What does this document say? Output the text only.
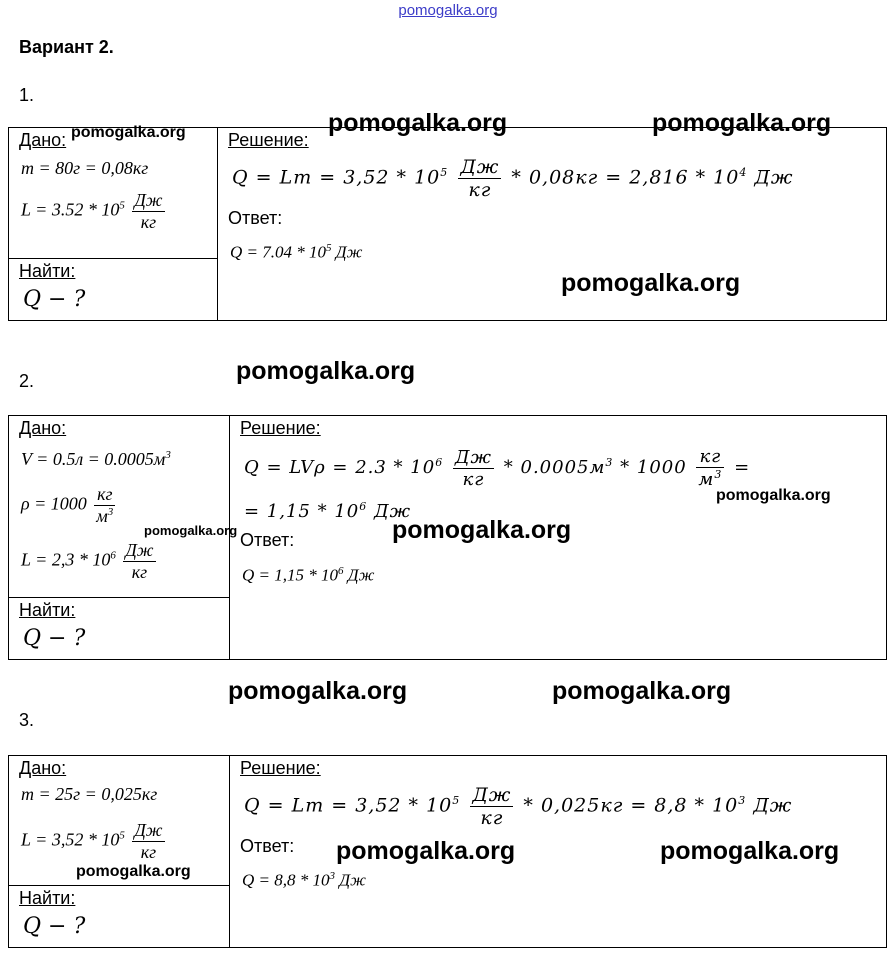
pomogalka.org
Вариант 2.
1.
Дано:
m = 80г = 0,08кг
$L = 3.52 * 10^5 \frac{Дж}{кг}$
Найти:
Q − ?
Решение:
$Q = Lm = 3,52 * 10^5 \frac{Дж}{кг} * 0,08кг = 2,816 * 10^4$ Дж
Ответ:
$Q = 7.04 * 10^5$ Дж
pomogalka.org	pomogalka.org	pomogalka.org
pomogalka.org
2.	pomogalka.org
Дано:
$V = 0.5л = 0.0005м^3$
$\rho = 1000 \frac{кг}{м^3}$
$L = 2,3 * 10^6 \frac{Дж}{кг}$
Найти:
Q − ?
Решение:
$Q = LV\rho = 2.3 * 10^6 \frac{Дж}{кг} * 0.0005м^3 * 1000 \frac{кг}{м^3}$ =
= $1,15 * 10^6$ Дж
Ответ:
$Q = 1,15 * 10^6$ Дж
pomogalka.org	pomogalka.org
pomogalka.org
pomogalka.org	pomogalka.org
3.
Дано:
m = 25г = 0,025кг
$L = 3,52 * 10^5 \frac{Дж}{кг}$
Найти:
Q − ?
Решение:
$Q = Lm = 3,52 * 10^5 \frac{Дж}{кг} * 0,025кг = 8,8 * 10^3$ Дж
Ответ:
$Q = 8,8 * 10^3$ Дж
pomogalka.org
pomogalka.org	pomogalka.org
